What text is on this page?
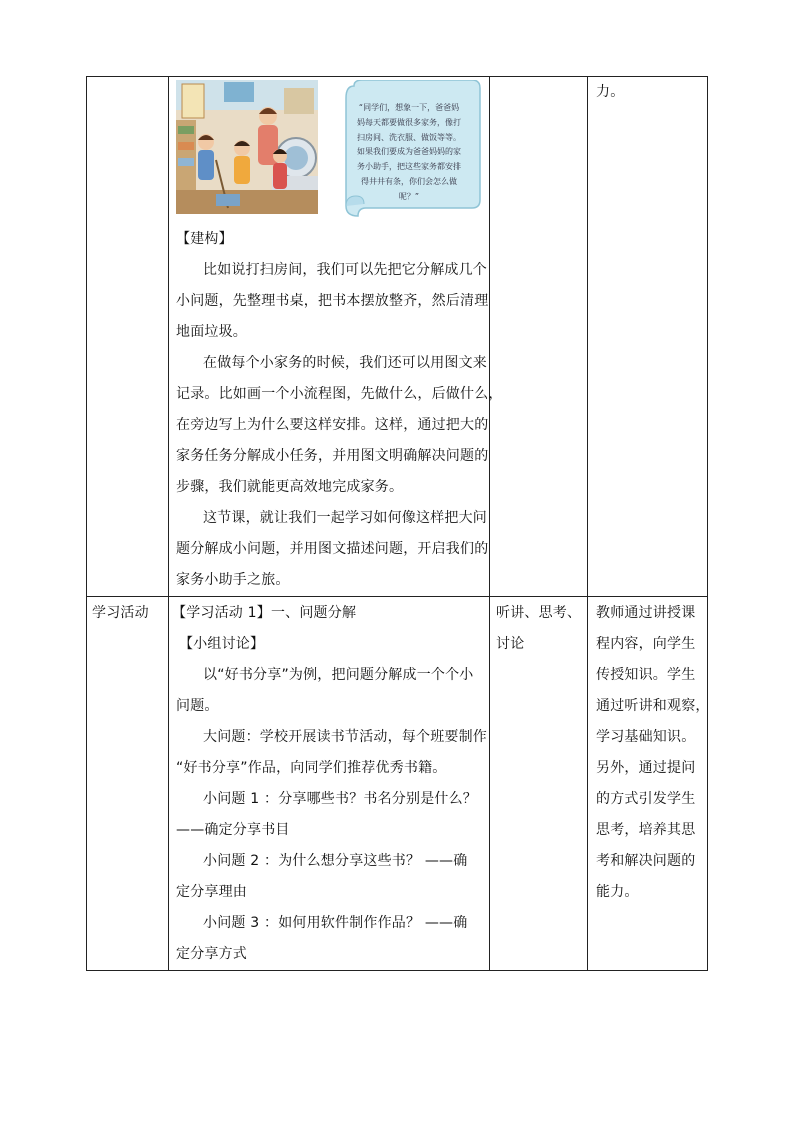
“同学们，想象一下，爸爸妈妈每天都要做很多家务，像打扫房间、洗衣服、做饭等等。如果我们要成为爸爸妈妈的家务小助手，把这些家务都安排得井井有条，你们会怎么做呢？”
【建构】
比如说打扫房间，我们可以先把它分解成几个
小问题，先整理书桌，把书本摆放整齐，然后清理
地面垃圾。
在做每个小家务的时候，我们还可以用图文来
记录。比如画一个小流程图，先做什么，后做什么，
在旁边写上为什么要这样安排。这样，通过把大的
家务任务分解成小任务，并用图文明确解决问题的
步骤，我们就能更高效地完成家务。
这节课，就让我们一起学习如何像这样把大问
题分解成小问题，并用图文描述问题，开启我们的
家务小助手之旅。
力。
学习活动 【学习活动 1】一、问题分解
【小组讨论】
以“好书分享”为例，把问题分解成一个个小
问题。
大问题：学校开展读书节活动，每个班要制作
“好书分享”作品，向同学们推荐优秀书籍。
小问题 1 ：分享哪些书？书名分别是什么？
——确定分享书目
小问题 2 ：为什么想分享这些书？ ——确
定分享理由
小问题 3 ：如何用软件制作作品？ ——确
定分享方式
听讲、思考、
讨论
教师通过讲授课
程内容，向学生
传授知识。学生
通过听讲和观察，
学习基础知识。
另外，通过提问
的方式引发学生
思考，培养其思
考和解决问题的
能力。
